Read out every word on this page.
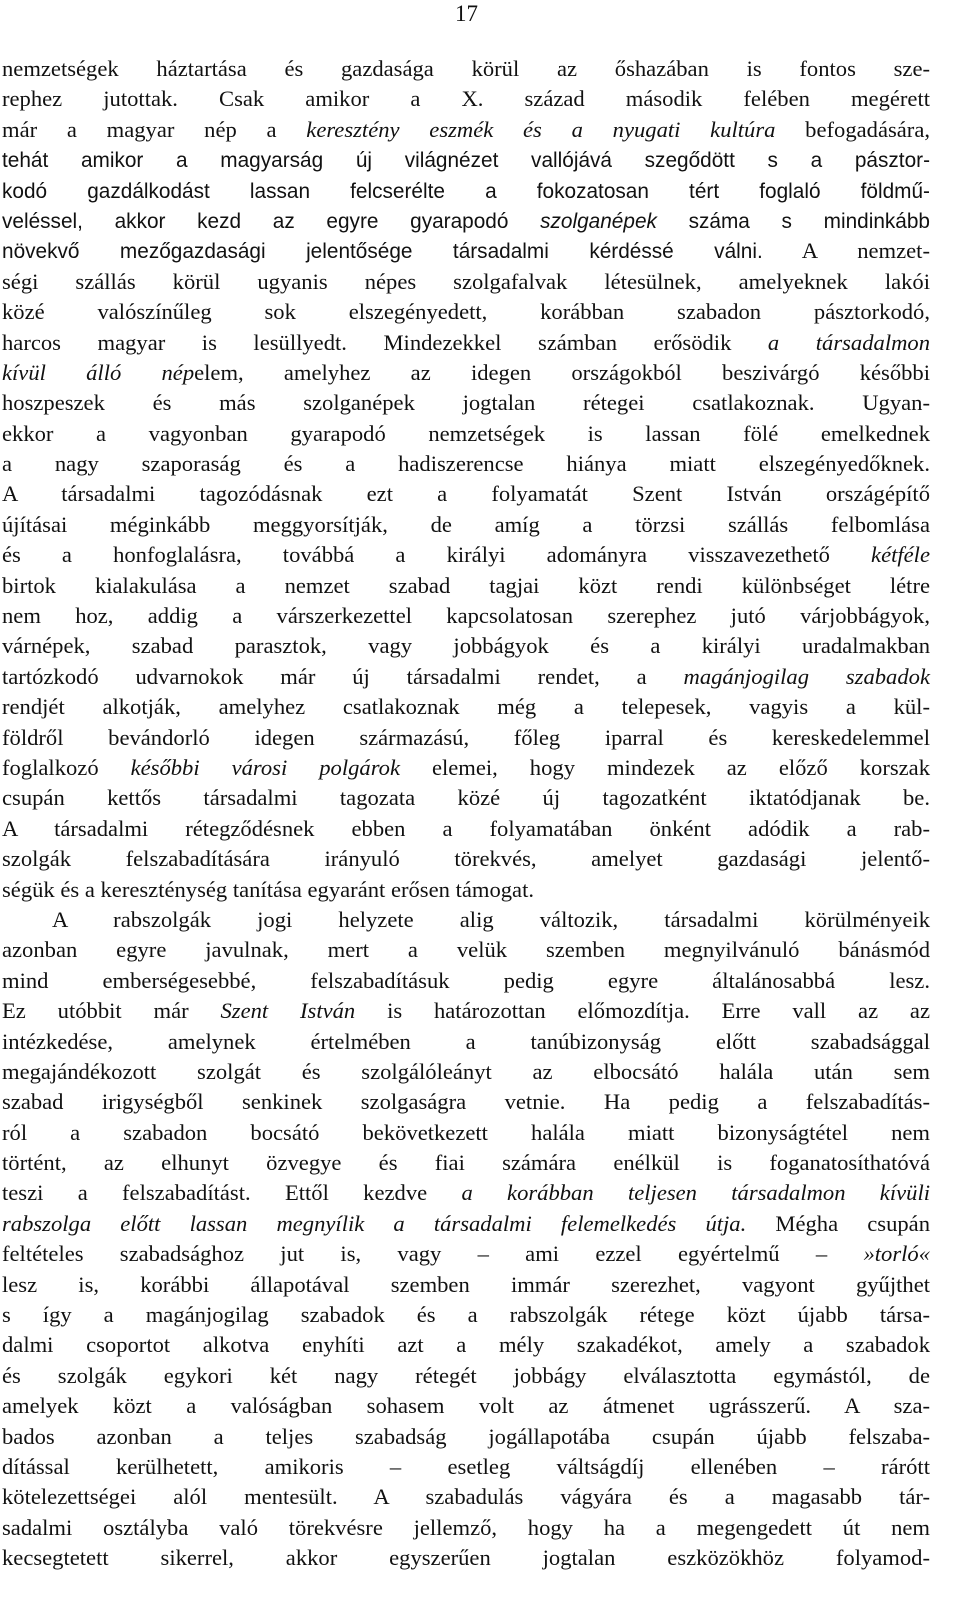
17
nemzetségek háztartása és gazdasága körül az őshazában is fontos sze-
rephez jutottak. Csak amikor a X. század második felében megérett
már a magyar nép a keresztény eszmék és a nyugati kultúra befogadására,
tehát amikor a magyarság új világnézet vallójává szegődött s a pásztor-
kodó gazdálkodást lassan felcserélte a fokozatosan tért foglaló földmű-
veléssel, akkor kezd az egyre gyarapodó szolganépek száma s mindinkább
növekvő mezőgazdasági jelentősége társadalmi kérdéssé válni. A nemzet-
ségi szállás körül ugyanis népes szolgafalvak létesülnek, amelyeknek lakói
közé valószínűleg sok elszegényedett, korábban szabadon pásztorkodó,
harcos magyar is lesüllyedt. Mindezekkel számban erősödik a társadalmon
kívül álló népelem, amelyhez az idegen országokból beszivárgó későbbi
hoszpeszek és más szolganépek jogtalan rétegei csatlakoznak. Ugyan-
ekkor a vagyonban gyarapodó nemzetségek is lassan fölé emelkednek
a nagy szaporaság és a hadiszerencse hiánya miatt elszegényedőknek.
A társadalmi tagozódásnak ezt a folyamatát Szent István országépítő
újításai méginkább meggyorsítják, de amíg a törzsi szállás felbomlása
és a honfoglalásra, továbbá a királyi adományra visszavezethető kétféle
birtok kialakulása a nemzet szabad tagjai közt rendi különbséget létre
nem hoz, addig a várszerkezettel kapcsolatosan szerephez jutó várjobbágyok,
várnépek, szabad parasztok, vagy jobbágyok és a királyi uradalmakban
tartózkodó udvarnokok már új társadalmi rendet, a magánjogilag szabadok
rendjét alkotják, amelyhez csatlakoznak még a telepesek, vagyis a kül-
földről bevándorló idegen származású, főleg iparral és kereskedelemmel
foglalkozó későbbi városi polgárok elemei, hogy mindezek az előző korszak
csupán kettős társadalmi tagozata közé új tagozatként iktatódjanak be.
A társadalmi rétegződésnek ebben a folyamatában önként adódik a rab-
szolgák felszabadítására irányuló törekvés, amelyet gazdasági jelentő-
ségük és a kereszténység tanítása egyaránt erősen támogat.
A rabszolgák jogi helyzete alig változik, társadalmi körülményeik
azonban egyre javulnak, mert a velük szemben megnyilvánuló bánásmód
mind emberségesebbé, felszabadításuk pedig egyre általánosabbá lesz.
Ez utóbbit már Szent István is határozottan előmozdítja. Erre vall az az
intézkedése, amelynek értelmében a tanúbizonyság előtt szabadsággal
megajándékozott szolgát és szolgálóleányt az elbocsátó halála után sem
szabad irigységből senkinek szolgaságra vetnie. Ha pedig a felszabadítás-
ról a szabadon bocsátó bekövetkezett halála miatt bizonyságtétel nem
történt, az elhunyt özvegye és fiai számára enélkül is foganatosíthatóvá
teszi a felszabadítást. Ettől kezdve a korábban teljesen társadalmon kívüli
rabszolga előtt lassan megnyílik a társadalmi felemelkedés útja. Mégha csupán
feltételes szabadsághoz jut is, vagy – ami ezzel egyértelmű – »torló«
lesz is, korábbi állapotával szemben immár szerezhet, vagyont gyűjthet
s így a magánjogilag szabadok és a rabszolgák rétege közt újabb társa-
dalmi csoportot alkotva enyhíti azt a mély szakadékot, amely a szabadok
és szolgák egykori két nagy rétegét jobbágy elválasztotta egymástól, de
amelyek közt a valóságban sohasem volt az átmenet ugrásszerű. A sza-
bados azonban a teljes szabadság jogállapotába csupán újabb felszaba-
dítással kerülhetett, amikoris – esetleg váltságdíj ellenében – rárótt
kötelezettségei alól mentesült. A szabadulás vágyára és a magasabb tár-
sadalmi osztályba való törekvésre jellemző, hogy ha a megengedett út nem
kecsegtetett sikerrel, akkor egyszerűen jogtalan eszközökhöz folyamod-
